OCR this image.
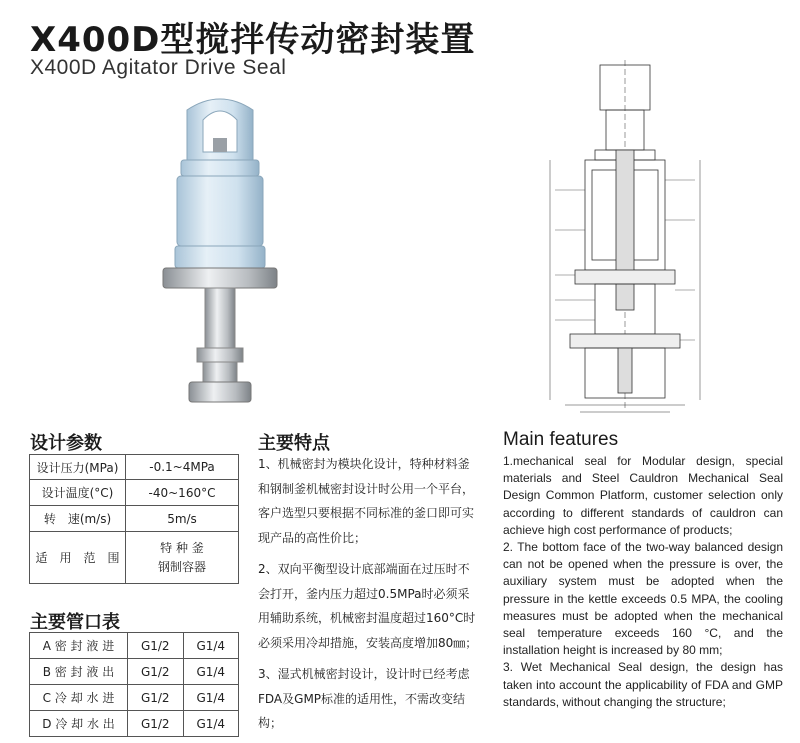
X400D型搅拌传动密封装置
X400D Agitator Drive Seal
设计参数
设计压力(MPa)	-0.1~4MPa
设计温度(°C)	-40~160°C
转　速(m/s)	5m/s
适　用　范　围	特 种 釜
钢制容器
主要管口表
A 密 封 液 进	G1/2	G1/4
B 密 封 液 出	G1/2	G1/4
C 冷 却 水 进	G1/2	G1/4
D 冷 却 水 出	G1/2	G1/4
主要特点

1、机械密封为模块化设计，特种材料釜和钢制釜机械密封设计时公用一个平台，客户选型只要根据不同标准的釜口即可实现产品的高性价比；

2、双向平衡型设计底部端面在过压时不会打开，釜内压力超过0.5MPa时必须采用辅助系统，机械密封温度超过160°C时必须采用冷却措施，安装高度增加80㎜；

3、湿式机械密封设计，设计时已经考虑FDA及GMP标准的适用性，不需改变结构；

Main features

1.mechanical seal for Modular design, special materials and Steel Cauldron Mechanical Seal Design Common Platform, customer selection only according to different standards of cauldron can achieve high cost performance of products;

2. The bottom face of the two-way balanced design can not be opened when the pressure is over, the auxiliary system must be adopted when the pressure in the kettle exceeds 0.5 MPA, the cooling measures must be adopted when the mechanical seal temperature exceeds 160 °C, and the installation height is increased by 80 mm;

3. Wet Mechanical Seal design, the design has taken into account the applicability of FDA and GMP standards, without changing the structure;
